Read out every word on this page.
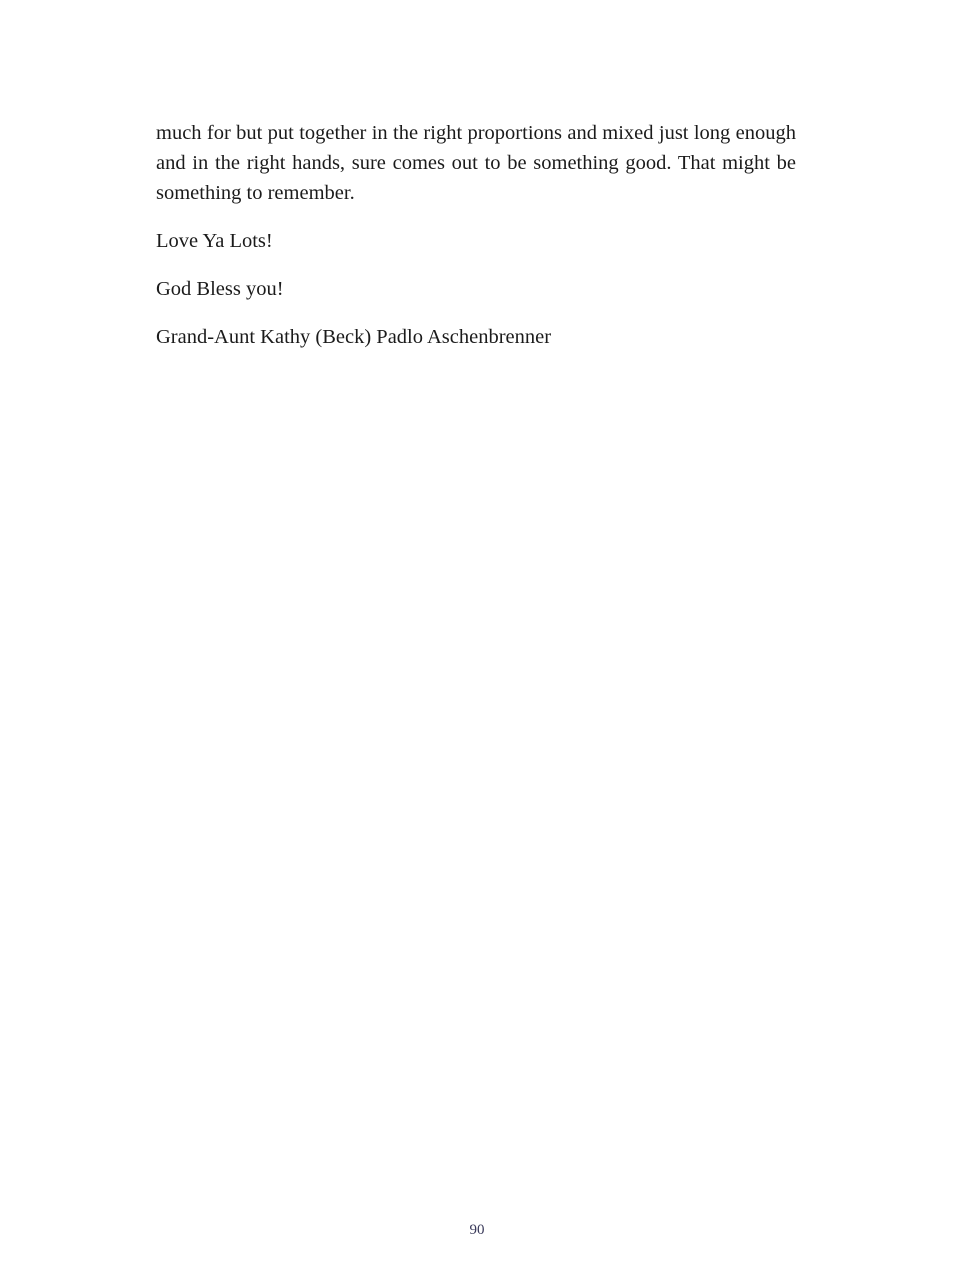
much for but put together in the right proportions and mixed just long enough and in the right hands, sure comes out to be something good. That might be something to remember.

Love Ya Lots!

God Bless you!

Grand-Aunt Kathy (Beck) Padlo Aschenbrenner

90
